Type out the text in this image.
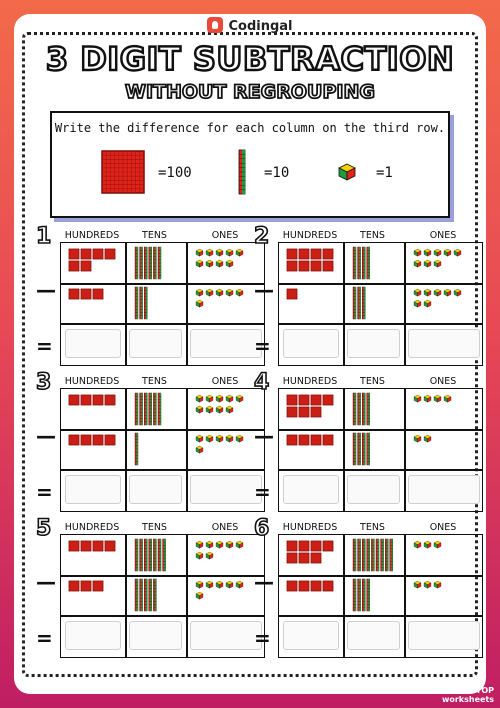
Codingal
3 DIGIT SUBTRACTION
WITHOUT REGROUPING
Write the difference for each column on the third row.
=100	=10	=1
1
—
=
HUNDREDS	TENS	ONES 2
—
=
HUNDREDS	TENS	ONES
3
—
=
HUNDREDS	TENS	ONES 4
—
=
HUNDREDS	TENS	ONES
5
—
=
HUNDREDS	TENS	ONES 6
—
=
HUNDREDS	TENS	ONES
TOP
worksheets
